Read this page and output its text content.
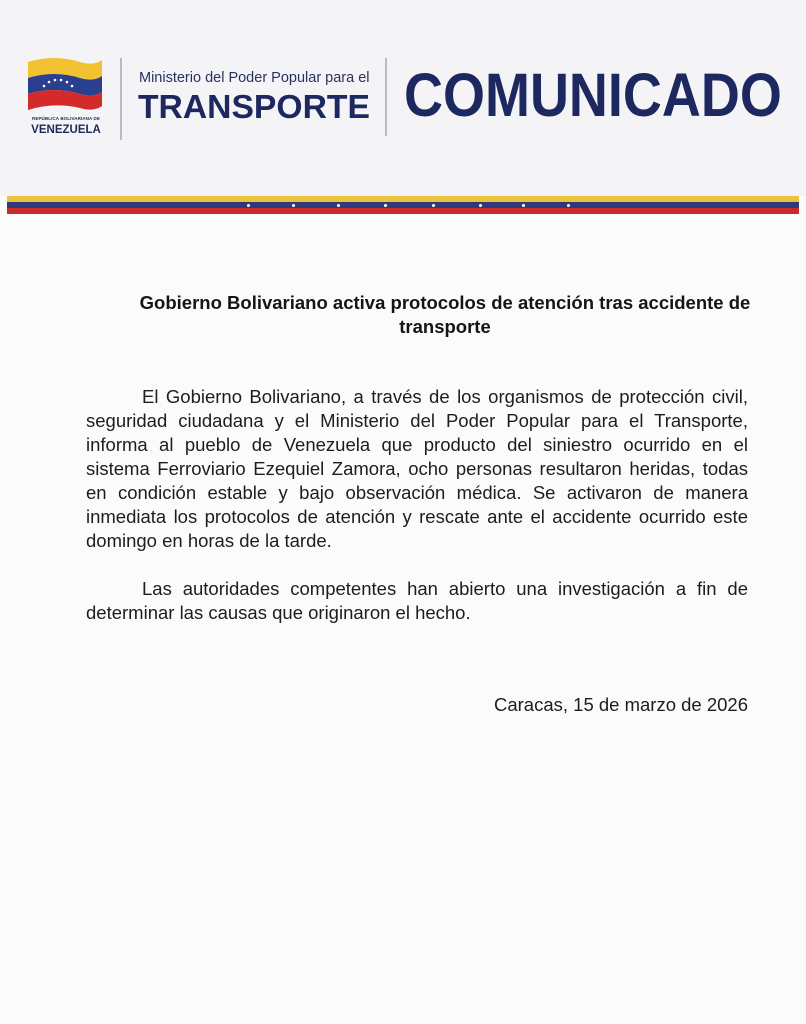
REPÚBLICA BOLIVARIANA DE
VENEZUELA
Ministerio del Poder Popular para el
TRANSPORTE COMUNICADO
Gobierno Bolivariano activa protocolos de atención tras accidente de transporte

El Gobierno Bolivariano, a través de los organismos de protección civil, seguridad ciudadana y el Ministerio del Poder Popular para el Transporte, informa al pueblo de Venezuela que producto del siniestro ocurrido en el sistema Ferroviario Ezequiel Zamora, ocho personas resultaron heridas, todas en condición estable y bajo observación médica. Se activaron de manera inmediata los protocolos de atención y rescate ante el accidente ocurrido este domingo en horas de la tarde.

Las autoridades competentes han abierto una investigación a fin de determinar las causas que originaron el hecho.

Caracas, 15 de marzo de 2026
